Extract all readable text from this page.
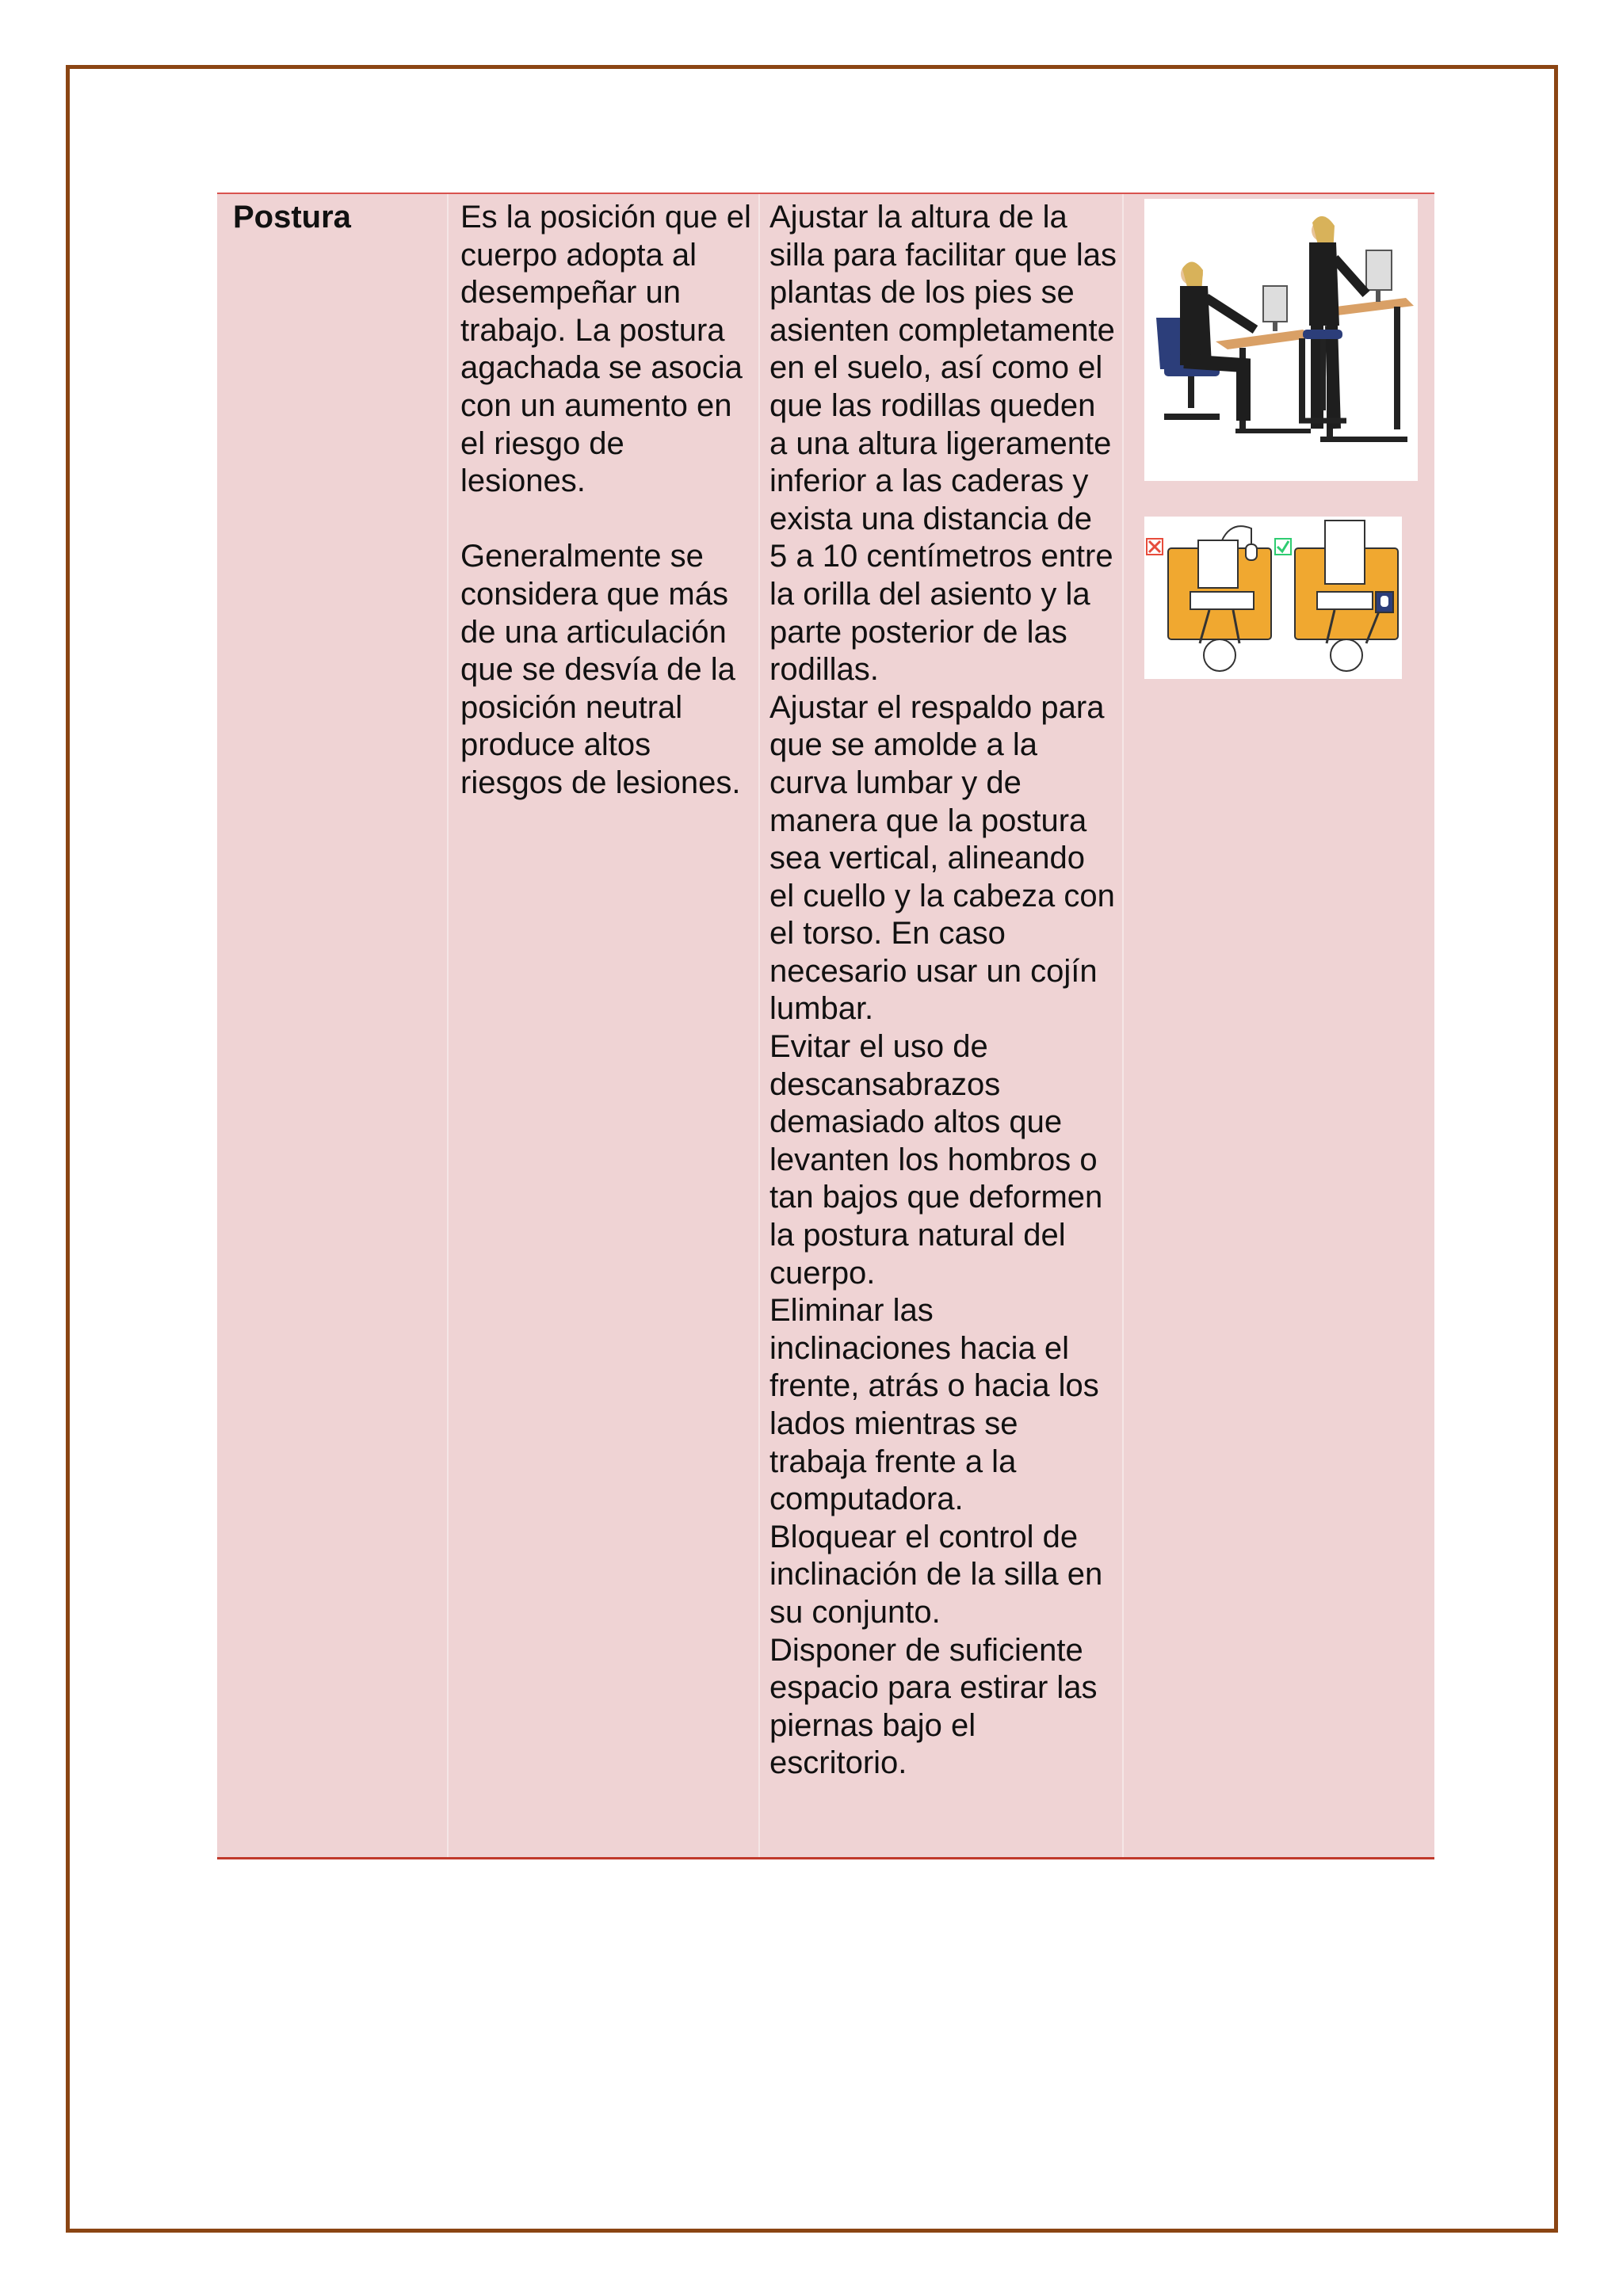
Postura	Es la posición que el cuerpo adopta al desempeñar un trabajo. La postura agachada se asocia con un aumento en el riesgo de lesiones.

Generalmente se considera que más de una articulación que se desvía de la posición neutral produce altos riesgos de lesiones.

Ajustar la altura de la silla para facilitar que las plantas de los pies se asienten completamente en el suelo, así como el que las rodillas queden a una altura ligeramente inferior a las caderas y exista una distancia de 5 a 10 centímetros entre la orilla del asiento y la parte posterior de las rodillas.

Ajustar el respaldo para que se amolde a la curva lumbar y de manera que la postura sea vertical, alineando el cuello y la cabeza con el torso. En caso necesario usar un cojín lumbar.

Evitar el uso de descansabrazos demasiado altos que levanten los hombros o tan bajos que deformen la postura natural del cuerpo.

Eliminar las inclinaciones hacia el frente, atrás o hacia los lados mientras se trabaja frente a la computadora.

Bloquear el control de inclinación de la silla en su conjunto.

Disponer de suficiente espacio para estirar las piernas bajo el escritorio.
